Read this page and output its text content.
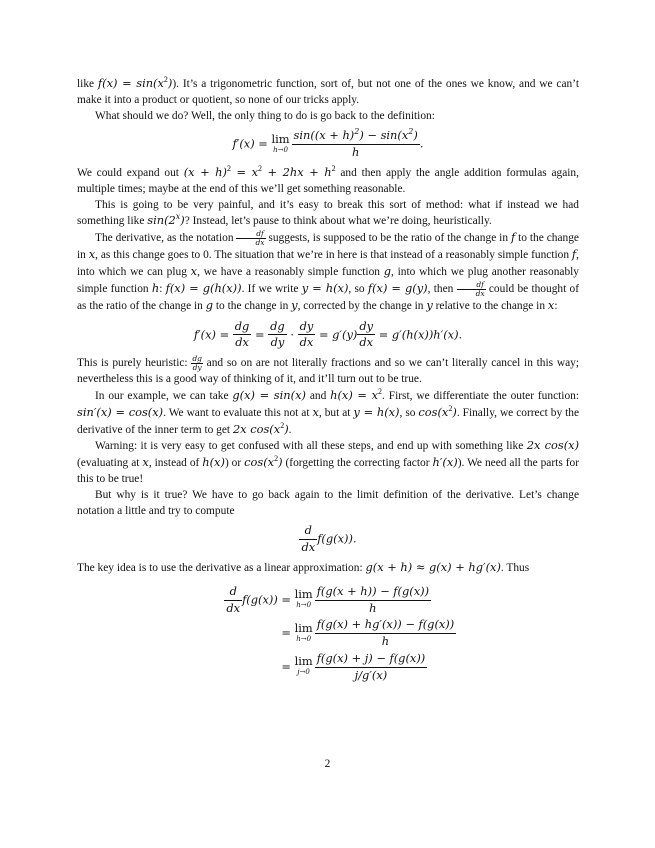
like $f(x) = \sin(x^2)$). It’s a trigonometric function, sort of, but not one of the ones we know, and we can’t make it into a product or quotient, so none of our tricks apply.

What should we do? Well, the only thing to do is go back to the definition:

f′(x) = lim
$h\to 0 \frac{\sin((x + h)^2) - \sin(x^2)}{h}$ .

We could expand out $(x + h)^2 = x^2 + 2hx + h^2$ and then apply the angle addition formulas again, multiple times; maybe at the end of this we’ll get something reasonable.

This is going to be very painful, and it’s easy to break this sort of method: what if instead we had something like sin(2$^x$)? Instead, let’s pause to think about what we’re doing, heuristically.

The derivative, as the notation $\frac{df}{dx}$ suggests, is supposed to be the ratio of the change in f to the change in x, as this change goes to 0. The situation that we’re in here is that instead of a reasonably simple function f, into which we can plug x, we have a reasonably simple function g, into which we plug another reasonably simple function h: f(x) = g(h(x)). If we write y = h(x), so f(x) = g(y), then $\frac{df}{dx}$ could be thought of as the ratio of the change in g to the change in y, corrected by the change in y relative to the change in x:

$f'(x) = \frac{dg}{dx} = \frac{dg}{dy} \cdot \frac{dy}{dx} = g'(y) \frac{dy}{dx} = g'(h(x))h'(x)$.

This is purely heuristic: $\frac{dg}{dy}$ and so on are not literally fractions and so we can’t literally cancel in this way; nevertheless this is a good way of thinking of it, and it’ll turn out to be true.

In our example, we can take g(x) = sin(x) and $h(x) = x^2$. First, we differentiate the outer function: sin′(x) = cos(x). We want to evaluate this not at x, but at y = h(x), so $\cos(x^2)$. Finally, we correct by the derivative of the inner term to get 2x $\cos(x^2)$.

Warning: it is very easy to get confused with all these steps, and end up with something like 2x cos(x) (evaluating at x, instead of h(x)) or $\cos(x^2)$ (forgetting the correcting factor h′(x)). We need all the parts for this to be true!

But why is it true? We have to go back again to the limit definition of the derivative. Let’s change notation a little and try to compute

$\frac{d}{dx} f(g(x))$.

The key idea is to use the derivative as a linear approximation: g(x + h) ≈ g(x) + hg′(x). Thus

$\frac{d}{dx} f(g(x)) = \lim$
$h\to 0 \frac{f(g(x + h)) - f(g(x))}{h}$
= lim
$h\to 0 \frac{f(g(x) + hg'(x)) - f(g(x))}{h}$
= lim
$j\to 0 \frac{f(g(x) + j) - f(g(x))}{j/g'(x)}$
2
